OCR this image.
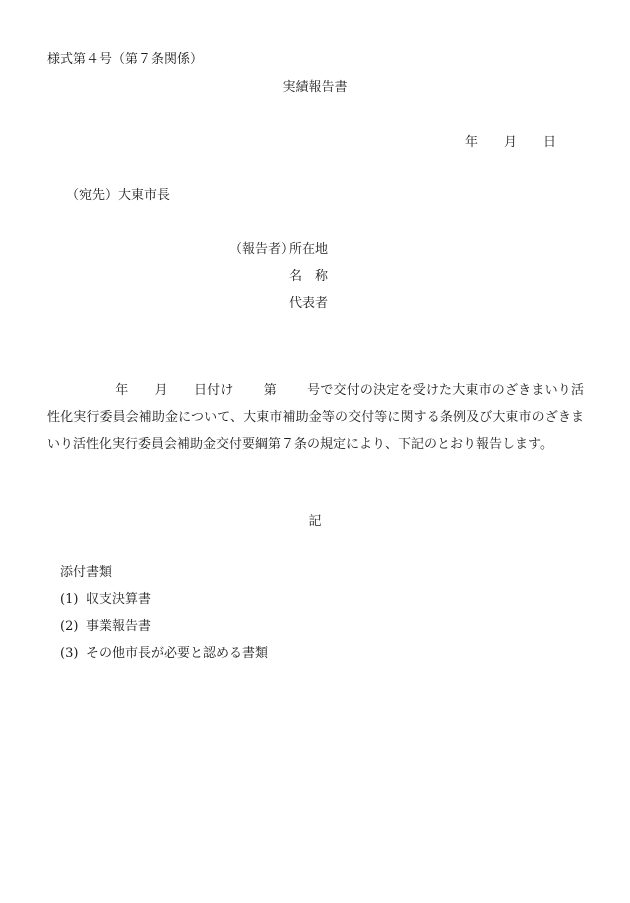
様式第４号（第７条関係）
実績報告書
年 月 日
（宛先）大東市長
（報告者）
所在地
名　称
代表者
年 月 日付け 第 号で交付の決定を受けた大東市のざきまいり活性化実行委員会補助金について、大東市補助金等の交付等に関する条例及び大東市のざきまいり活性化実行委員会補助金交付要綱第７条の規定により、下記のとおり報告します。
記
添付書類
(1) 収支決算書
(2) 事業報告書
(3) その他市長が必要と認める書類
